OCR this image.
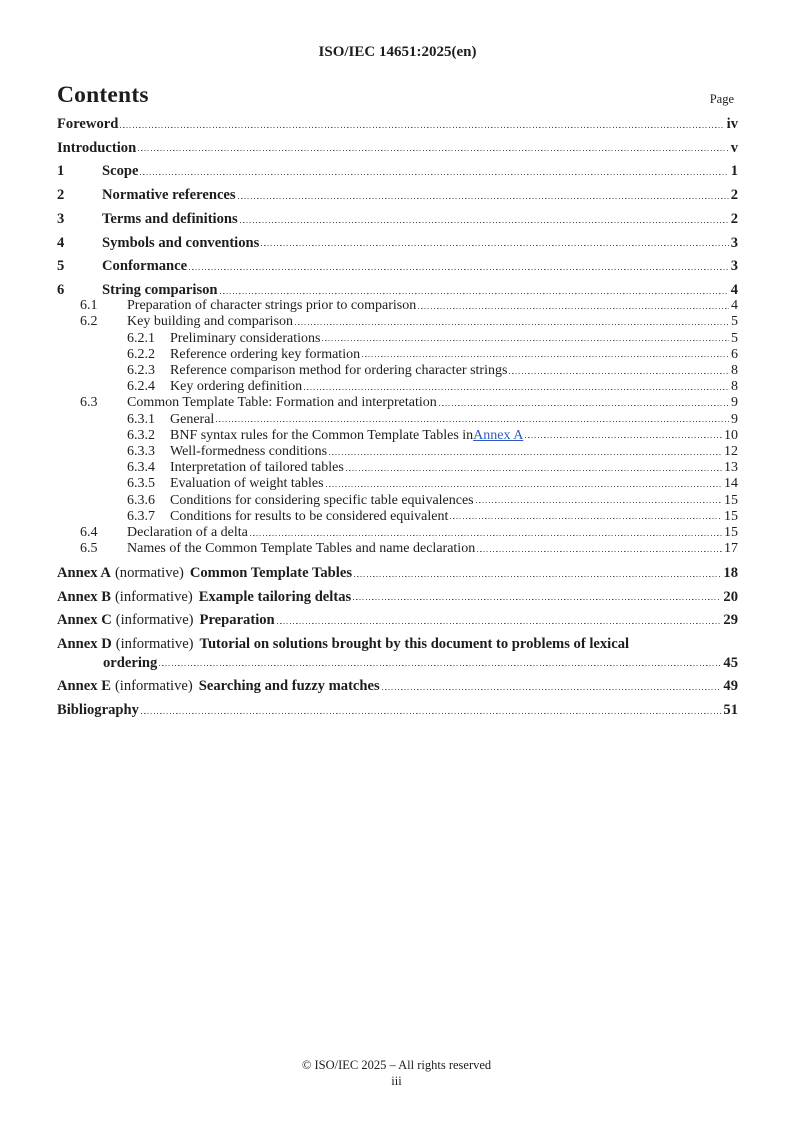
ISO/IEC 14651:2025(en)
Contents	Page
Foreword	iv
Introduction	v
1	Scope	1
2	Normative references	2
3	Terms and definitions	2
4	Symbols and conventions	3
5	Conformance	3
6	String comparison	4
6.1	Preparation of character strings prior to comparison	4
6.2	Key building and comparison	5
6.2.1	Preliminary considerations	5
6.2.2	Reference ordering key formation	6
6.2.3	Reference comparison method for ordering character strings	8
6.2.4	Key ordering definition	8
6.3	Common Template Table: Formation and interpretation	9
6.3.1	General	9
6.3.2	BNF syntax rules for the Common Template Tables in Annex A	10
6.3.3	Well-formedness conditions	12
6.3.4	Interpretation of tailored tables	13
6.3.5	Evaluation of weight tables	14
6.3.6	Conditions for considering specific table equivalences	15
6.3.7	Conditions for results to be considered equivalent	15
6.4	Declaration of a delta	15
6.5	Names of the Common Template Tables and name declaration	17
Annex A (normative) Common Template Tables	18
Annex B (informative) Example tailoring deltas	20
Annex C (informative) Preparation	29
Annex D (informative) Tutorial on solutions brought by this document to problems of lexical
ordering	45
Annex E (informative) Searching and fuzzy matches	49
Bibliography	51
© ISO/IEC 2025 – All rights reserved
iii
